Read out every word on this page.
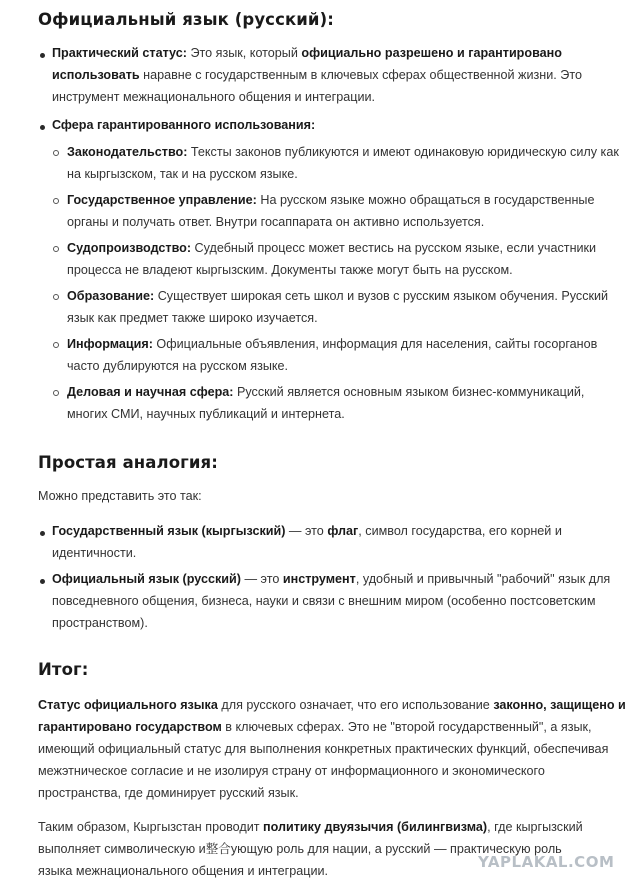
Официальный язык (русский):
Практический статус: Это язык, который официально разрешено и гарантировано использовать наравне с государственным в ключевых сферах общественной жизни. Это инструмент межнационального общения и интеграции.
Сфера гарантированного использования:
Законодательство: Тексты законов публикуются и имеют одинаковую юридическую силу как на кыргызском, так и на русском языке.
Государственное управление: На русском языке можно обращаться в государственные органы и получать ответ. Внутри госаппарата он активно используется.
Судопроизводство: Судебный процесс может вестись на русском языке, если участники процесса не владеют кыргызским. Документы также могут быть на русском.
Образование: Существует широкая сеть школ и вузов с русским языком обучения. Русский язык как предмет также широко изучается.
Информация: Официальные объявления, информация для населения, сайты госорганов часто дублируются на русском языке.
Деловая и научная сфера: Русский является основным языком бизнес-коммуникаций, многих СМИ, научных публикаций и интернета.
Простая аналогия:
Можно представить это так:
Государственный язык (кыргызский) — это флаг, символ государства, его корней и идентичности.
Официальный язык (русский) — это инструмент, удобный и привычный "рабочий" язык для повседневного общения, бизнеса, науки и связи с внешним миром (особенно постсоветским пространством).
Итог:
Статус официального языка для русского означает, что его использование законно, защищено и гарантировано государством в ключевых сферах. Это не "второй государственный", а язык, имеющий официальный статус для выполнения конкретных практических функций, обеспечивая межэтническое согласие и не изолируя страну от информационного и экономического пространства, где доминирует русский язык.
Таким образом, Кыргызстан проводит политику двуязычия (билингвизма), где кыргызский выполняет символическую и整合ующую роль для нации, а русский — практическую роль языка межнационального общения и интеграции.	YAPLAKAL.COM
